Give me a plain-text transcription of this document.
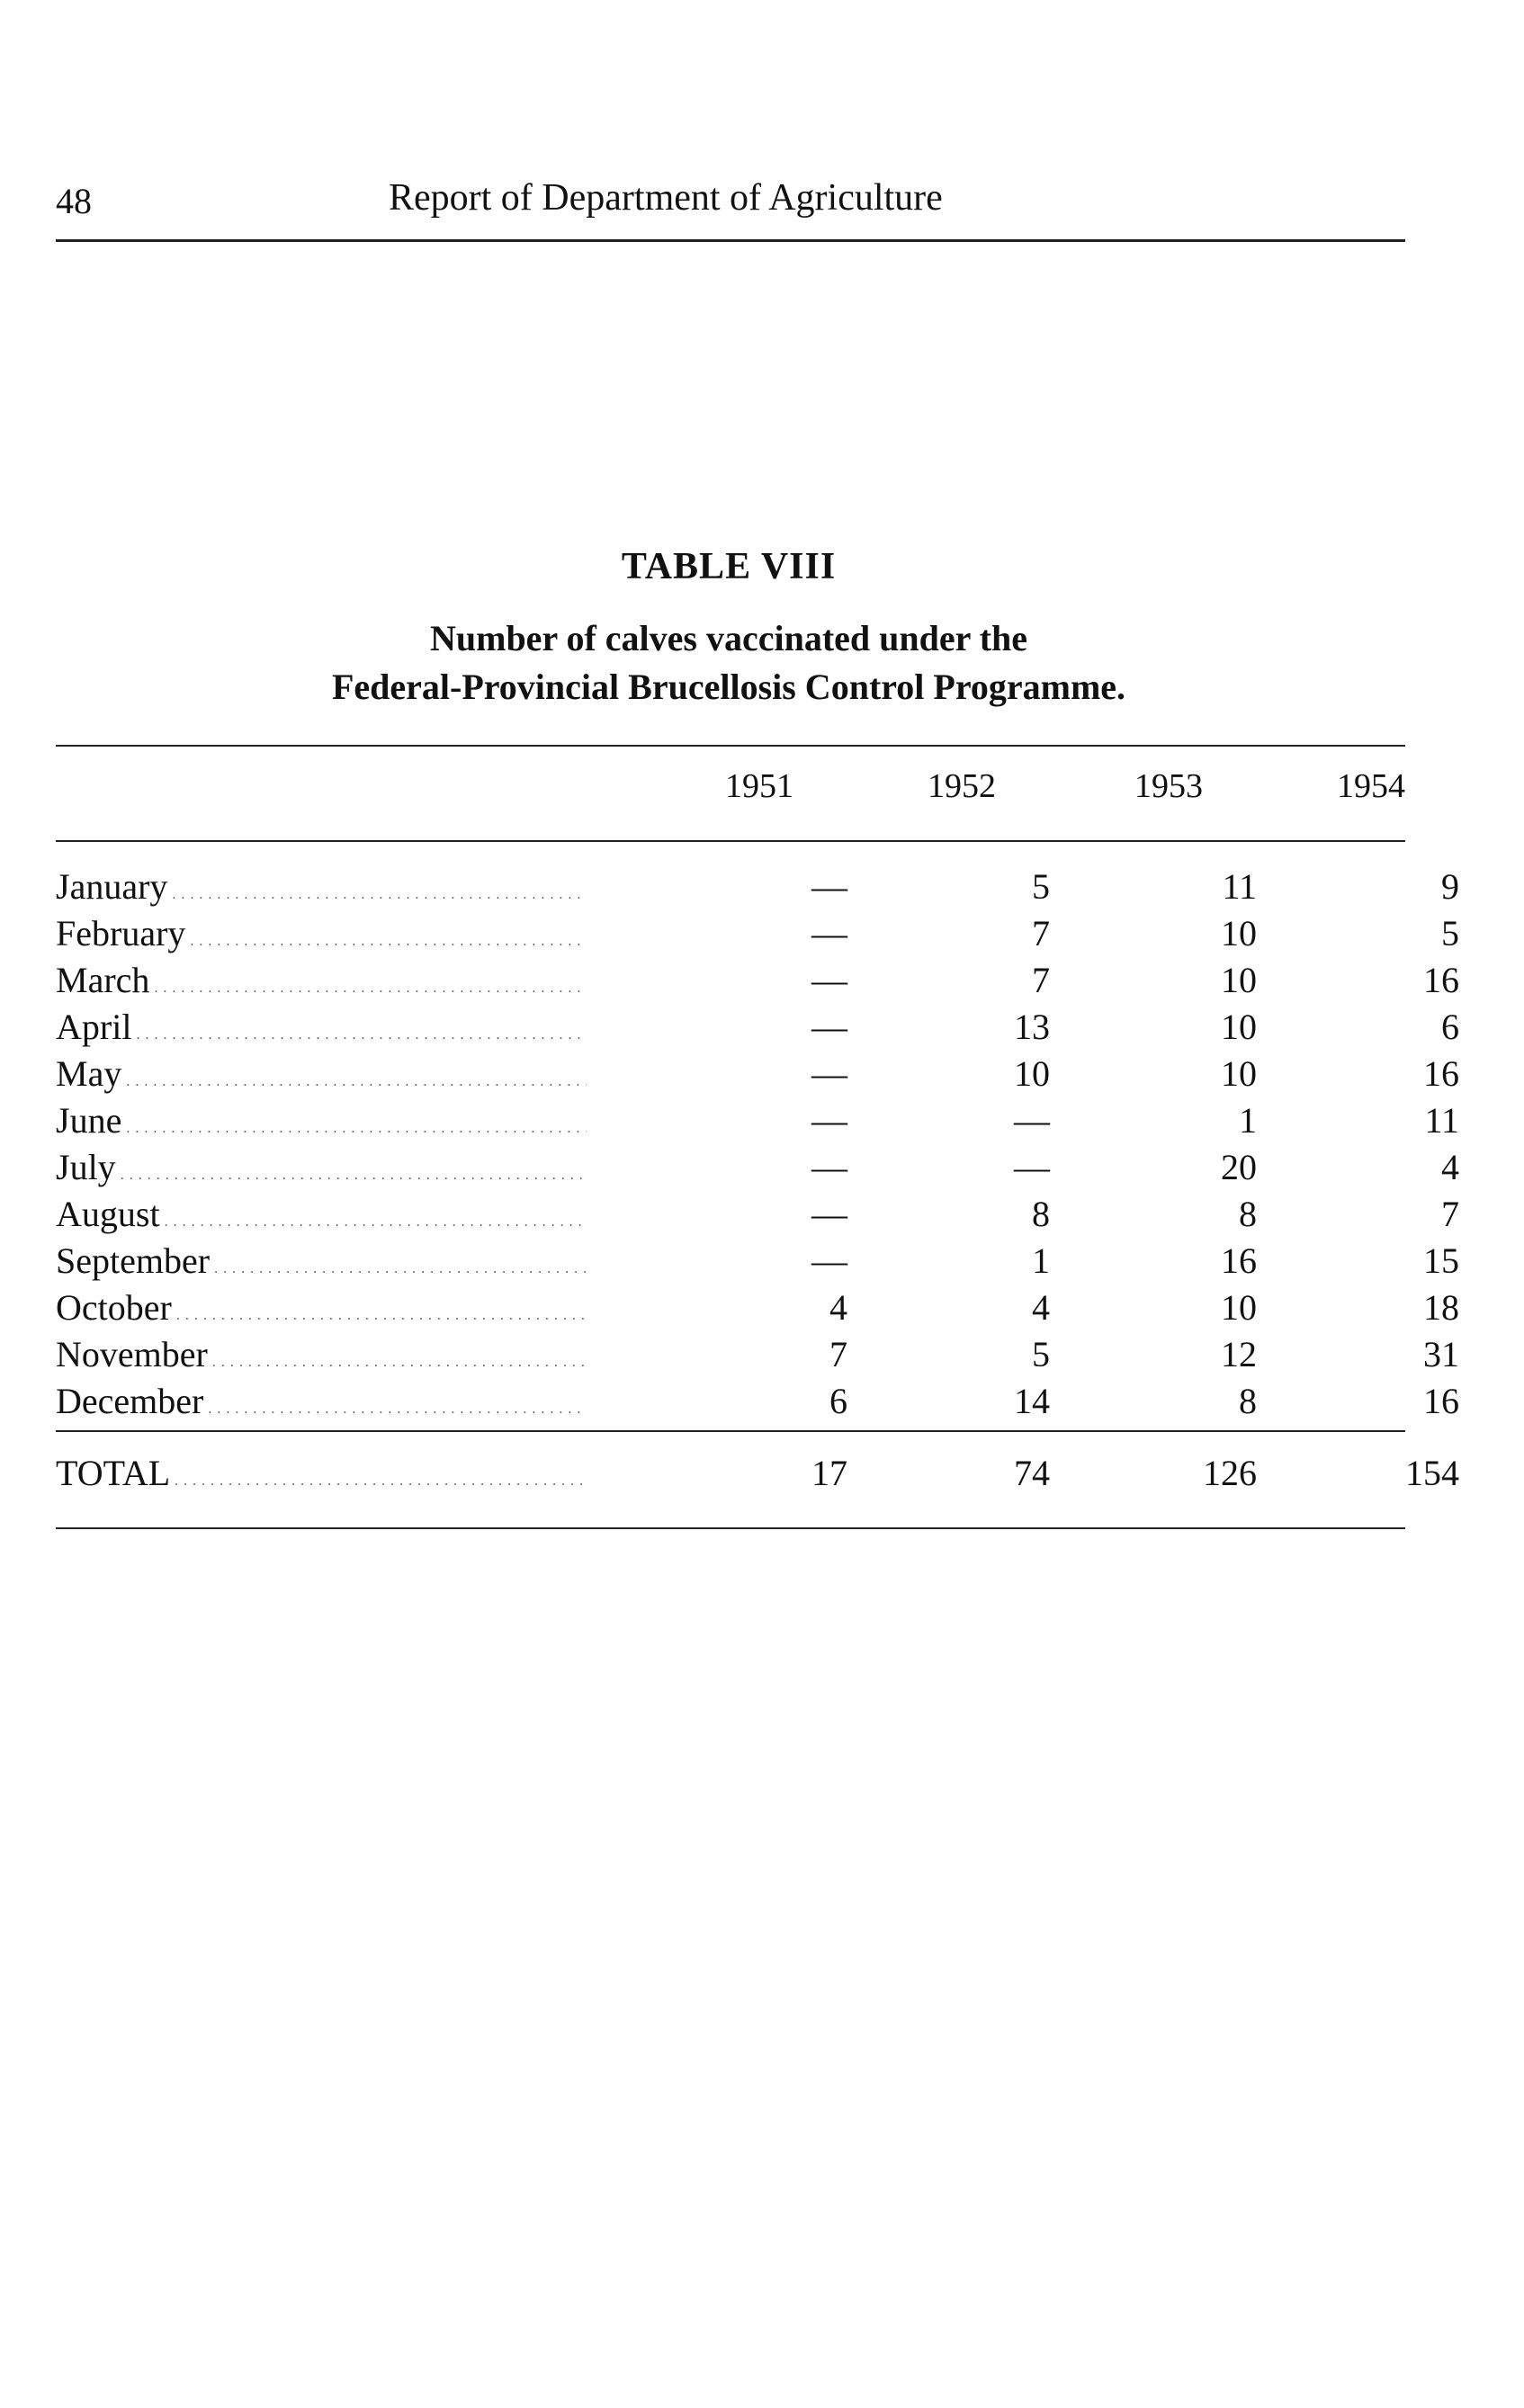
48	Report of Department of Agriculture
TABLE VIII
Number of calves vaccinated under the
Federal-Provincial Brucellosis Control Programme.
1951	1952	1953	1954
January . . .	—	5	11	9
February . . .	—	7	10	5
March . . .	—	7	10	16
April . . .	—	13	10	6
May . . .	—	10	10	16
June . . .	—	—	1	11
July . . .	—	—	20	4
August . . .	—	8	8	7
September . . .	—	1	16	15
October . . .	4	4	10	18
November . . .	7	5	12	31
December . . .	6	14	8	16
TOTAL . . .	17	74	126	154
